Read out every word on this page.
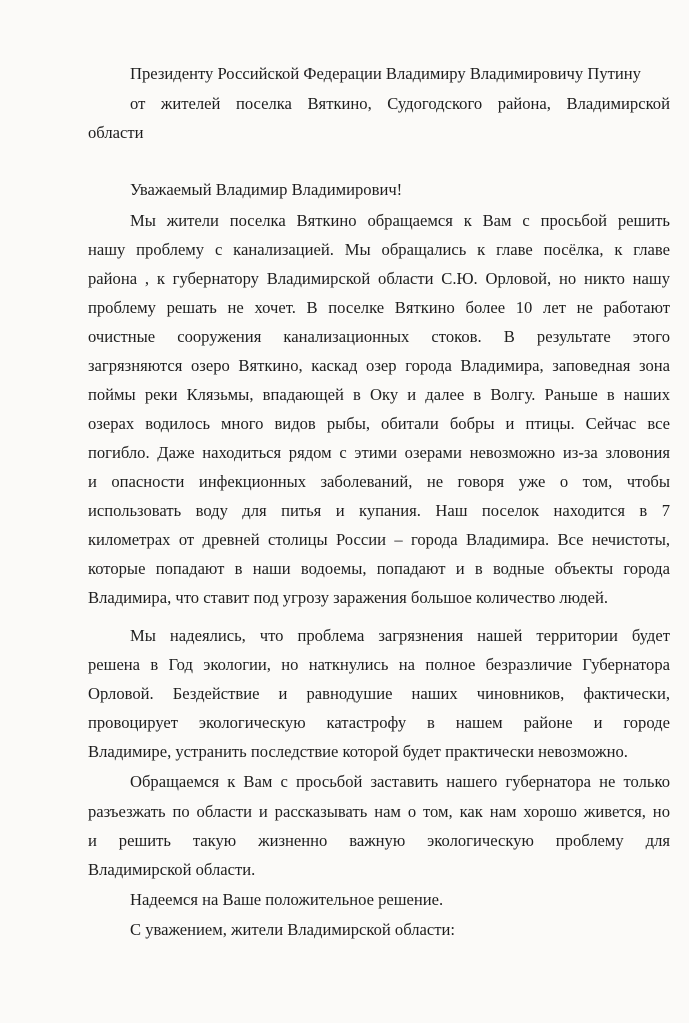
Президенту Российской Федерации Владимиру Владимировичу Путину
от жителей поселка Вяткино, Судогодского района, Владимирской
области
Уважаемый Владимир Владимирович!
Мы жители поселка Вяткино обращаемся к Вам с просьбой решить
нашу проблему с канализацией. Мы обращались к главе посёлка, к главе
района , к губернатору Владимирской области С.Ю. Орловой, но никто нашу
проблему решать не хочет. В поселке Вяткино более 10 лет не работают
очистные сооружения канализационных стоков. В результате этого
загрязняются озеро Вяткино, каскад озер города Владимира, заповедная зона
поймы реки Клязьмы, впадающей в Оку и далее в Волгу. Раньше в наших
озерах водилось много видов рыбы, обитали бобры и птицы. Сейчас все
погибло. Даже находиться рядом с этими озерами невозможно из-за зловония
и опасности инфекционных заболеваний, не говоря уже о том, чтобы
использовать воду для питья и купания. Наш поселок находится в 7
километрах от древней столицы России – города Владимира. Все нечистоты,
которые попадают в наши водоемы, попадают и в водные объекты города
Владимира, что ставит под угрозу заражения большое количество людей.
Мы надеялись, что проблема загрязнения нашей территории будет
решена в Год экологии, но наткнулись на полное безразличие Губернатора
Орловой. Бездействие и равнодушие наших чиновников, фактически,
провоцирует экологическую катастрофу в нашем районе и городе
Владимире, устранить последствие которой будет практически невозможно.
Обращаемся к Вам с просьбой заставить нашего губернатора не только
разъезжать по области и рассказывать нам о том, как нам хорошо живется, но
и решить такую жизненно важную экологическую проблему для
Владимирской области.
Надеемся на Ваше положительное решение.
С уважением, жители Владимирской области:
